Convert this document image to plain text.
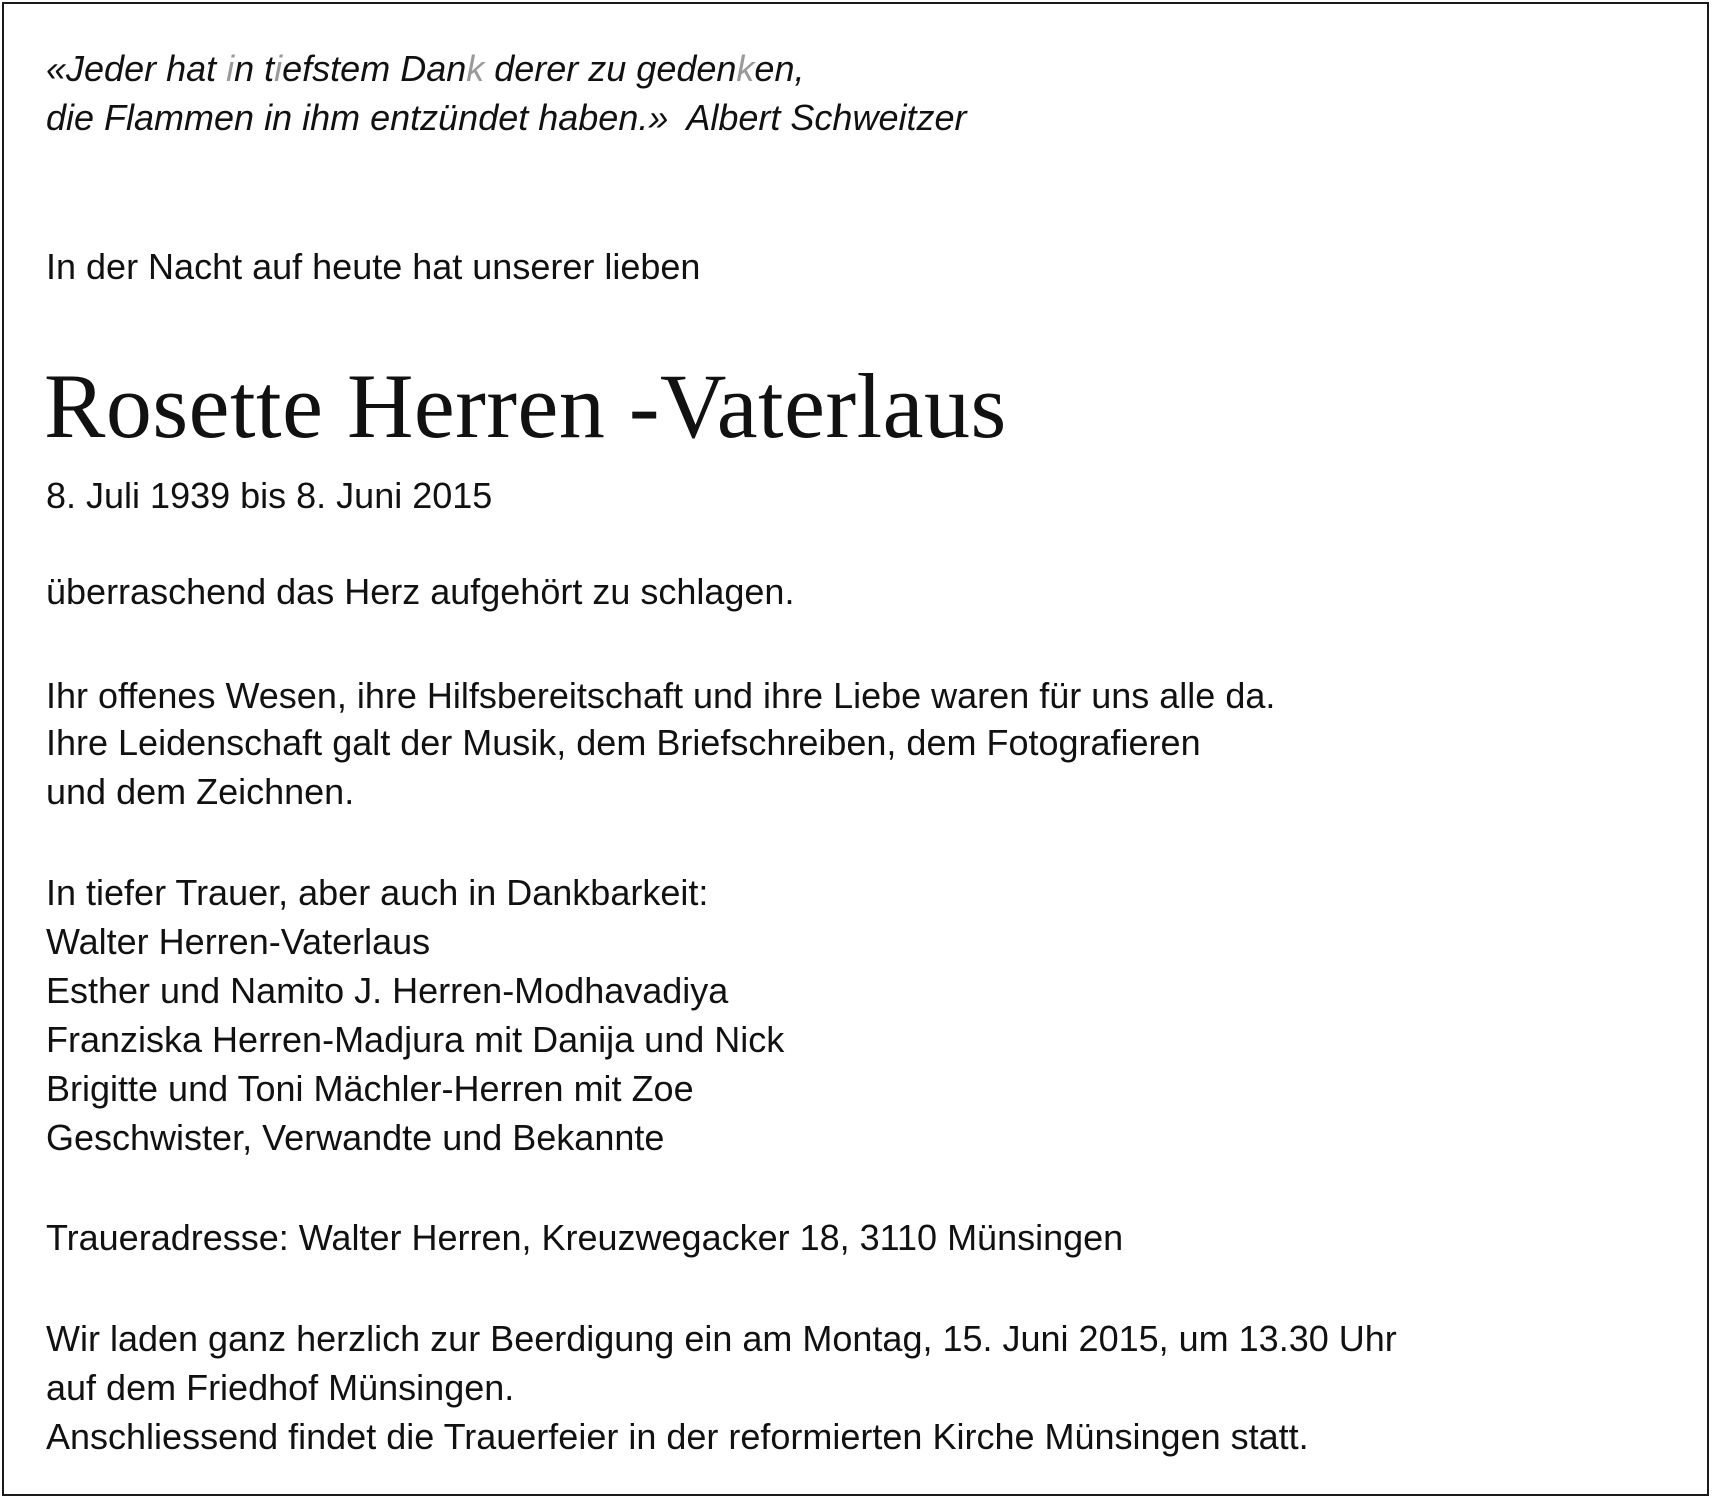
«Jeder hat in tiefstem Dank derer zu gedenken,

die Flammen in ihm entzündet haben.» Albert Schweitzer

In der Nacht auf heute hat unserer lieben

Rosette Herren -Vaterlaus

8. Juli 1939 bis 8. Juni 2015

überraschend das Herz aufgehört zu schlagen.

Ihr offenes Wesen, ihre Hilfsbereitschaft und ihre Liebe waren für uns alle da.

Ihre Leidenschaft galt der Musik, dem Briefschreiben, dem Fotografieren

und dem Zeichnen.

In tiefer Trauer, aber auch in Dankbarkeit:

Walter Herren-Vaterlaus

Esther und Namito J. Herren-Modhavadiya

Franziska Herren-Madjura mit Danija und Nick

Brigitte und Toni Mächler-Herren mit Zoe

Geschwister, Verwandte und Bekannte

Traueradresse: Walter Herren, Kreuzwegacker 18, 3110 Münsingen

Wir laden ganz herzlich zur Beerdigung ein am Montag, 15. Juni 2015, um 13.30 Uhr

auf dem Friedhof Münsingen.

Anschliessend findet die Trauerfeier in der reformierten Kirche Münsingen statt.
